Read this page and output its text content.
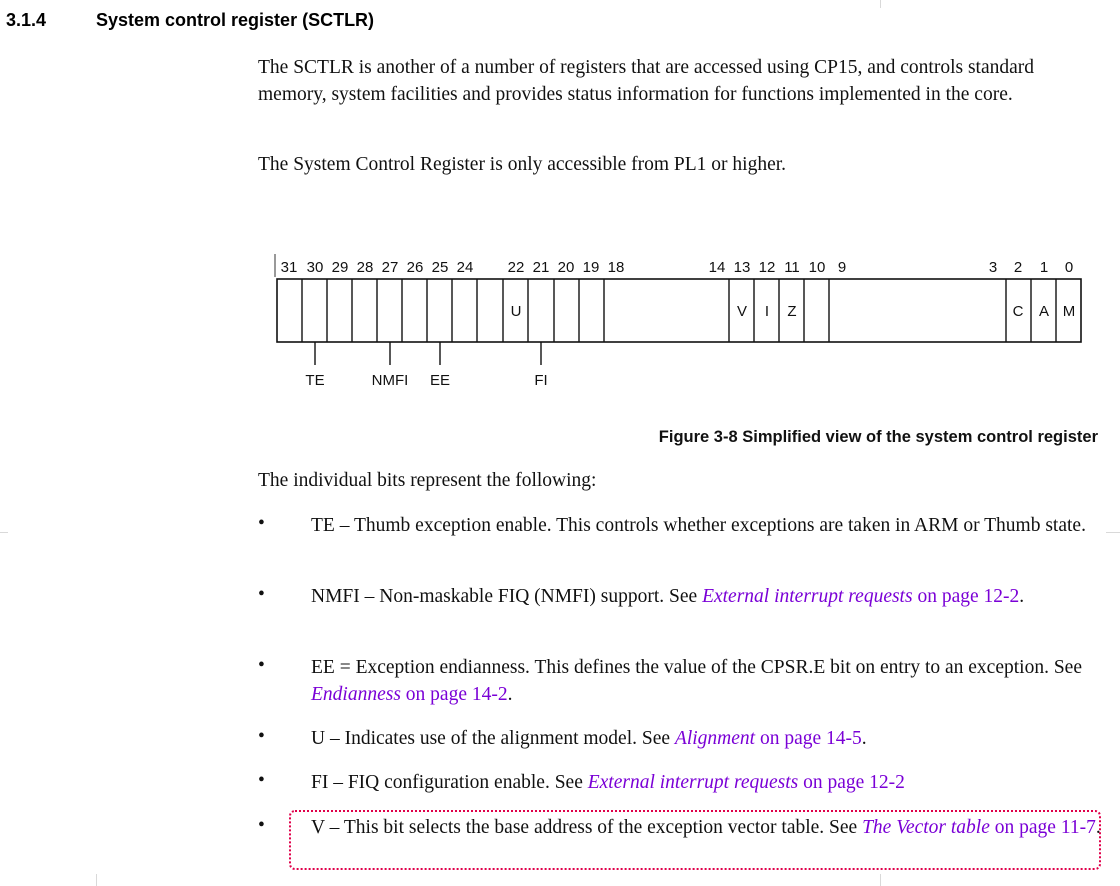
3.1.4	System control register (SCTLR)

The SCTLR is another of a number of registers that are accessed using CP15, and controls standard memory, system facilities and provides status information for functions implemented in the core.

The System Control Register is only accessible from PL1 or higher.

31 30 29 28 27 26 25 24 22 21 20 19 18	14 13 12 11 10 9	3 2 1 0
U	V I Z	C A M
TE	NMFI EE	FI
Figure 3-8 Simplified view of the system control register

The individual bits represent the following:

• TE – Thumb exception enable. This controls whether exceptions are taken in ARM or Thumb state.

• NMFI – Non-maskable FIQ (NMFI) support. See External interrupt requests on page 12-2.

• EE = Exception endianness. This defines the value of the CPSR.E bit on entry to an exception. See Endianness on page 14-2.

• U – Indicates use of the alignment model. See Alignment on page 14-5.

• FI – FIQ configuration enable. See External interrupt requests on page 12-2

• V – This bit selects the base address of the exception vector table. See The Vector table on page 11-7.
